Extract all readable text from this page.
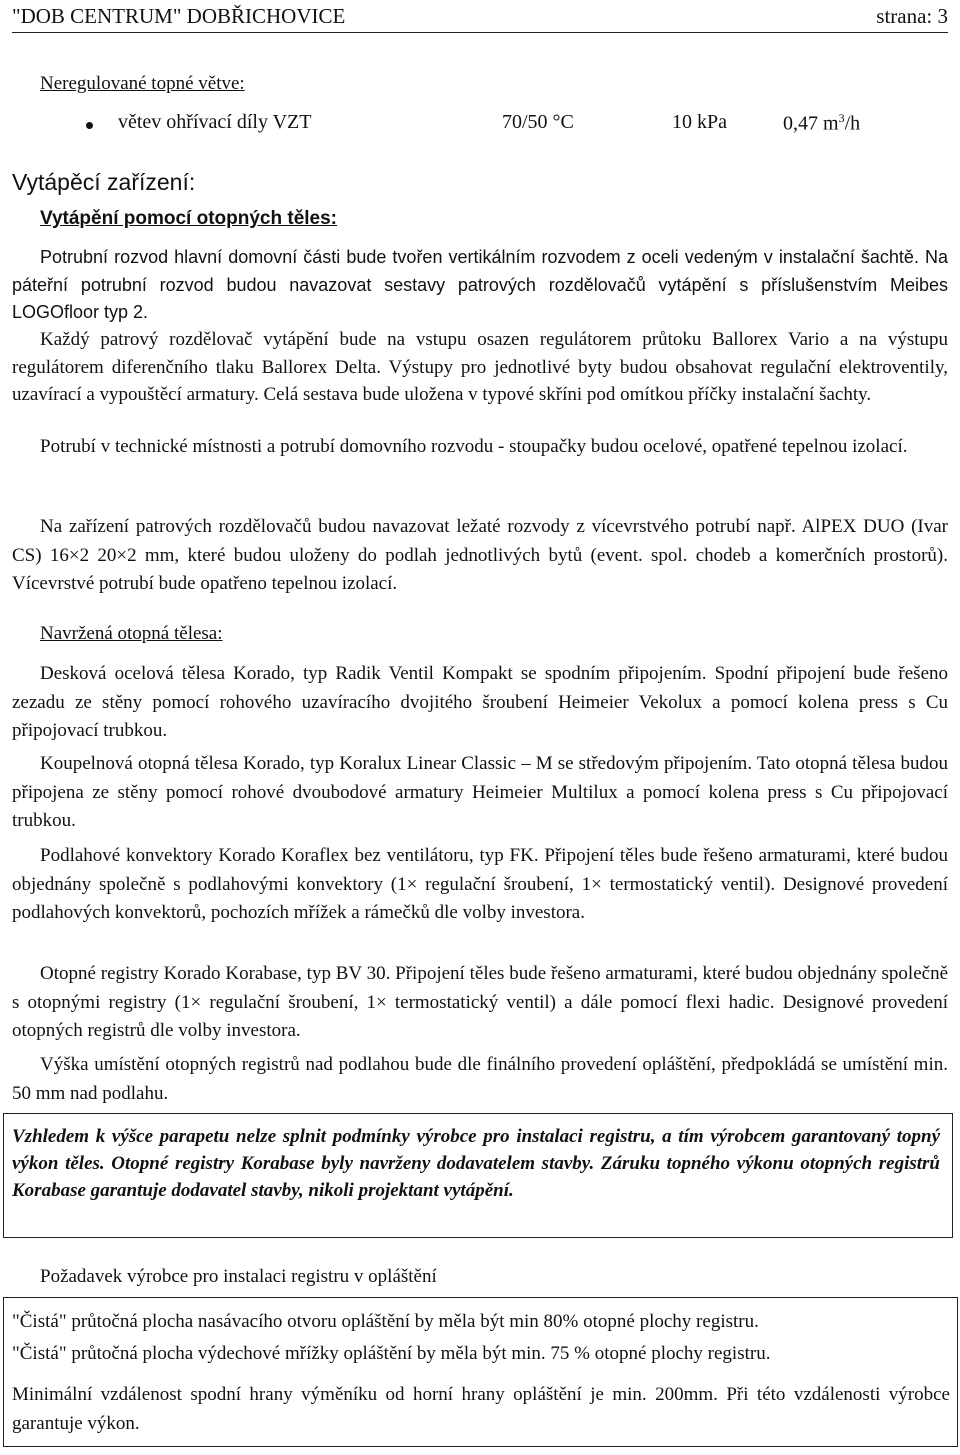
"DOB CENTRUM" DOBŘICHOVICE	strana: 3
Neregulované topné větve:
větev ohřívací díly VZT	70/50 °C	10 kPa	0,47 $m^3/h$
Vytápěcí zařízení:
Vytápění pomocí otopných těles:
Potrubní rozvod hlavní domovní části bude tvořen vertikálním rozvodem z oceli vedeným v instalační šachtě. Na páteřní potrubní rozvod budou navazovat sestavy patrových rozdělovačů vytápění s příslušenstvím Meibes LOGOfloor typ 2.
Každý patrový rozdělovač vytápění bude na vstupu osazen regulátorem průtoku Ballorex Vario a na výstupu regulátorem diferenčního tlaku Ballorex Delta. Výstupy pro jednotlivé byty budou obsahovat regulační elektroventily, uzavírací a vypouštěcí armatury. Celá sestava bude uložena v typové skříni pod omítkou příčky instalační šachty.
Potrubí v technické místnosti a potrubí domovního rozvodu - stoupačky budou ocelové, opatřené tepelnou izolací.
Na zařízení patrových rozdělovačů budou navazovat ležaté rozvody z vícevrstvého potrubí např. AlPEX DUO (Ivar CS) 16×2 20×2 mm, které budou uloženy do podlah jednotlivých bytů (event. spol. chodeb a komerčních prostorů). Vícevrstvé potrubí bude opatřeno tepelnou izolací.
Navržená otopná tělesa:
Desková ocelová tělesa Korado, typ Radik Ventil Kompakt se spodním připojením. Spodní připojení bude řešeno zezadu ze stěny pomocí rohového uzavíracího dvojitého šroubení Heimeier Vekolux a pomocí kolena press s Cu připojovací trubkou.
Koupelnová otopná tělesa Korado, typ Koralux Linear Classic – M se středovým připojením. Tato otopná tělesa budou připojena ze stěny pomocí rohové dvoubodové armatury Heimeier Multilux a pomocí kolena press s Cu připojovací trubkou.
Podlahové konvektory Korado Koraflex bez ventilátoru, typ FK. Připojení těles bude řešeno armaturami, které budou objednány společně s podlahovými konvektory (1× regulační šroubení, 1× termostatický ventil). Designové provedení podlahových konvektorů, pochozích mřížek a rámečků dle volby investora.
Otopné registry Korado Korabase, typ BV 30. Připojení těles bude řešeno armaturami, které budou objednány společně s otopnými registry (1× regulační šroubení, 1× termostatický ventil) a dále pomocí flexi hadic. Designové provedení otopných registrů dle volby investora.
Výška umístění otopných registrů nad podlahou bude dle finálního provedení opláštění, předpokládá se umístění min. 50 mm nad podlahu.
Vzhledem k výšce parapetu nelze splnit podmínky výrobce pro instalaci registru, a tím výrobcem garantovaný topný výkon těles. Otopné registry Korabase byly navrženy dodavatelem stavby. Záruku topného výkonu otopných registrů Korabase garantuje dodavatel stavby, nikoli projektant vytápění.
Požadavek výrobce pro instalaci registru v opláštění
"Čistá" průtočná plocha nasávacího otvoru opláštění by měla být min 80% otopné plochy registru.
"Čistá" průtočná plocha výdechové mřížky opláštění by měla být min. 75 % otopné plochy registru.
Minimální vzdálenost spodní hrany výměníku od horní hrany opláštění je min. 200mm. Při této vzdálenosti výrobce garantuje výkon.
